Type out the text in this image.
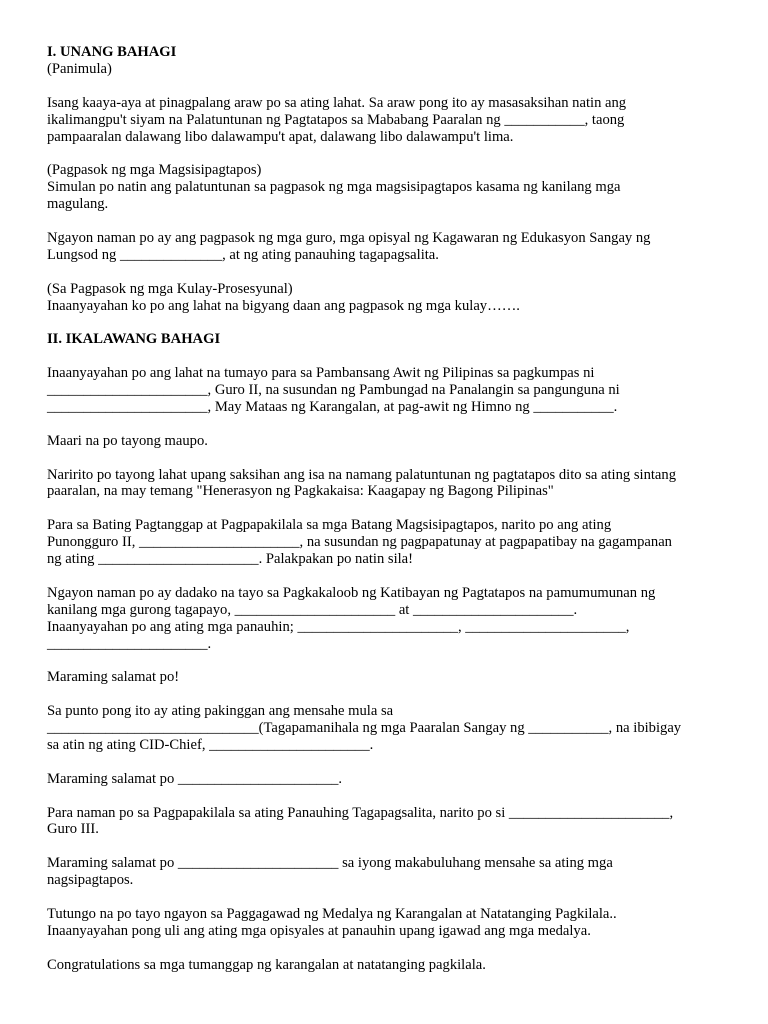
I. UNANG BAHAGI

(Panimula)

Isang kaaya-aya at pinagpalang araw po sa ating lahat. Sa araw pong ito ay masasaksihan natin ang
ikalimangpu't siyam na Palatuntunan ng Pagtatapos sa Mababang Paaralan ng ___________, taong
pampaaralan dalawang libo dalawampu't apat, dalawang libo dalawampu't lima.

(Pagpasok ng mga Magsisipagtapos)
Simulan po natin ang palatuntunan sa pagpasok ng mga magsisipagtapos kasama ng kanilang mga
magulang.

Ngayon naman po ay ang pagpasok ng mga guro, mga opisyal ng Kagawaran ng Edukasyon Sangay ng
Lungsod ng ______________, at ng ating panauhing tagapagsalita.

(Sa Pagpasok ng mga Kulay-Prosesyunal)
Inaanyayahan ko po ang lahat na bigyang daan ang pagpasok ng mga kulay…….

II. IKALAWANG BAHAGI

Inaanyayahan po ang lahat na tumayo para sa Pambansang Awit ng Pilipinas sa pagkumpas ni
______________________, Guro II, na susundan ng Pambungad na Panalangin sa pangunguna ni
______________________, May Mataas ng Karangalan, at pag-awit ng Himno ng ___________.

Maari na po tayong maupo.

Naririto po tayong lahat upang saksihan ang isa na namang palatuntunan ng pagtatapos dito sa ating sintang
paaralan, na may temang "Henerasyon ng Pagkakaisa: Kaagapay ng Bagong Pilipinas"

Para sa Bating Pagtanggap at Pagpapakilala sa mga Batang Magsisipagtapos, narito po ang ating
Punongguro II, ______________________, na susundan ng pagpapatunay at pagpapatibay na gagampanan
ng ating ______________________. Palakpakan po natin sila!

Ngayon naman po ay dadako na tayo sa Pagkakaloob ng Katibayan ng Pagtatapos na pamumumunan ng
kanilang mga gurong tagapayo, ______________________ at ______________________.
Inaanyayahan po ang ating mga panauhin; ______________________, ______________________,
______________________.

Maraming salamat po!

Sa punto pong ito ay ating pakinggan ang mensahe mula sa
_____________________________(Tagapamanihala ng mga Paaralan Sangay ng ___________, na ibibigay
sa atin ng ating CID-Chief, ______________________.

Maraming salamat po ______________________.

Para naman po sa Pagpapakilala sa ating Panauhing Tagapagsalita, narito po si ______________________,
Guro III.

Maraming salamat po ______________________ sa iyong makabuluhang mensahe sa ating mga
nagsipagtapos.

Tutungo na po tayo ngayon sa Paggagawad ng Medalya ng Karangalan at Natatanging Pagkilala..
Inaanyayahan pong uli ang ating mga opisyales at panauhin upang igawad ang mga medalya.

Congratulations sa mga tumanggap ng karangalan at natatanging pagkilala.
